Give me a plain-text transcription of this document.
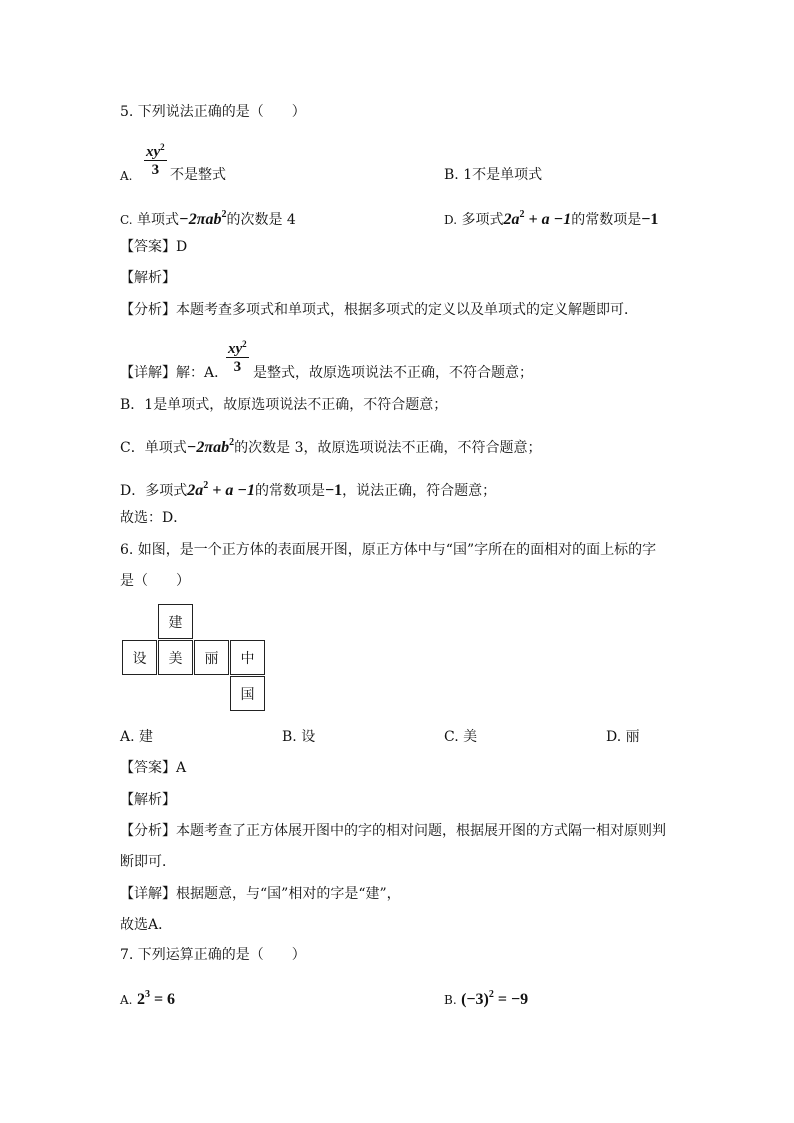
5. 下列说法正确的是（　　）
A. $\frac{xy^2}{3}$ 不是整式	B. 1不是单项式
C. 单项式−2πab$^2$的次数是 4	D. 多项式$2a^2 + a -1$的常数项是−1
【答案】D
【解析】
【分析】本题考查多项式和单项式，根据多项式的定义以及单项式的定义解题即可．
【详解】解：A．
$\frac{xy^2}{3}$ 是整式，故原选项说法不正确，不符合题意；
B．1是单项式，故原选项说法不正确，不符合题意；
C．单项式−2πab$^2$的次数是 3，故原选项说法不正确，不符合题意；
D．多项式$2a^2 + a -1$的常数项是−1，说法正确，符合题意；
故选：D．
6. 如图，是一个正方体的表面展开图，原正方体中与“国”字所在的面相对的面上标的字
是（　　）
建
设	美	丽	中
国
A. 建	B. 设	C. 美	D. 丽
【答案】A
【解析】
【分析】本题考查了正方体展开图中的字的相对问题，根据展开图的方式隔一相对原则判
断即可．
【详解】根据题意，与“国”相对的字是“建”，
故选A．
7. 下列运算正确的是（　　）
A. $2^3 = 6$	B. $(-3)^2 = -9$
